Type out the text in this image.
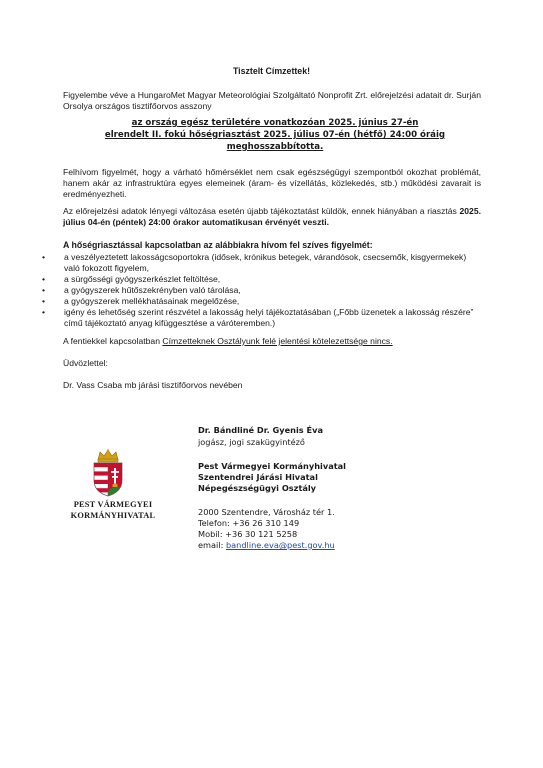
Tisztelt Címzettek!
Figyelembe véve a HungaroMet Magyar Meteorológiai Szolgáltató Nonprofit Zrt. előrejelzési adatait dr. Surján Orsolya országos tisztifőorvos asszony
az ország egész területére vonatkozóan 2025. június 27-én
elrendelt II. fokú hőségriasztást 2025. július 07-én (hétfő) 24:00 óráig
meghosszabbította.
Felhívom figyelmét, hogy a várható hőmérséklet nem csak egészségügyi szempontból okozhat problémát, hanem akár az infrastruktúra egyes elemeinek (áram- és vízellátás, közlekedés, stb.) működési zavarait is eredményezheti.
Az előrejelzési adatok lényegi változása esetén újabb tájékoztatást küldök, ennek hiányában a riasztás 2025. július 04-én (péntek) 24:00 órakor automatikusan érvényét veszti.
A hőségriasztással kapcsolatban az alábbiakra hívom fel szíves figyelmét:
• a veszélyeztetett lakosságcsoportokra (idősek, krónikus betegek, várandósok, csecsemők, kisgyermekek) való fokozott figyelem,
• a sürgősségi gyógyszerkészlet feltöltése,
• a gyógyszerek hűtőszekrényben való tárolása,
• a gyógyszerek mellékhatásainak megelőzése,
• igény és lehetőség szerint részvétel a lakosság helyi tájékoztatásában („Főbb üzenetek a lakosság részére” című tájékoztató anyag kifüggesztése a váróteremben.)
A fentiekkel kapcsolatban Címzetteknek Osztályunk felé jelentési kötelezettsége nincs.
Üdvözlettel:
Dr. Vass Csaba mb járási tisztifőorvos nevében
PEST VÁRMEGYEI
KORMÁNYHIVATAL
Dr. Bándliné Dr. Gyenis Éva
jogász, jogi szakügyintéző
Pest Vármegyei Kormányhivatal
Szentendrei Járási Hivatal
Népegészségügyi Osztály
2000 Szentendre, Városház tér 1.
Telefon: +36 26 310 149
Mobil: +36 30 121 5258
email: bandline.eva@pest.gov.hu
